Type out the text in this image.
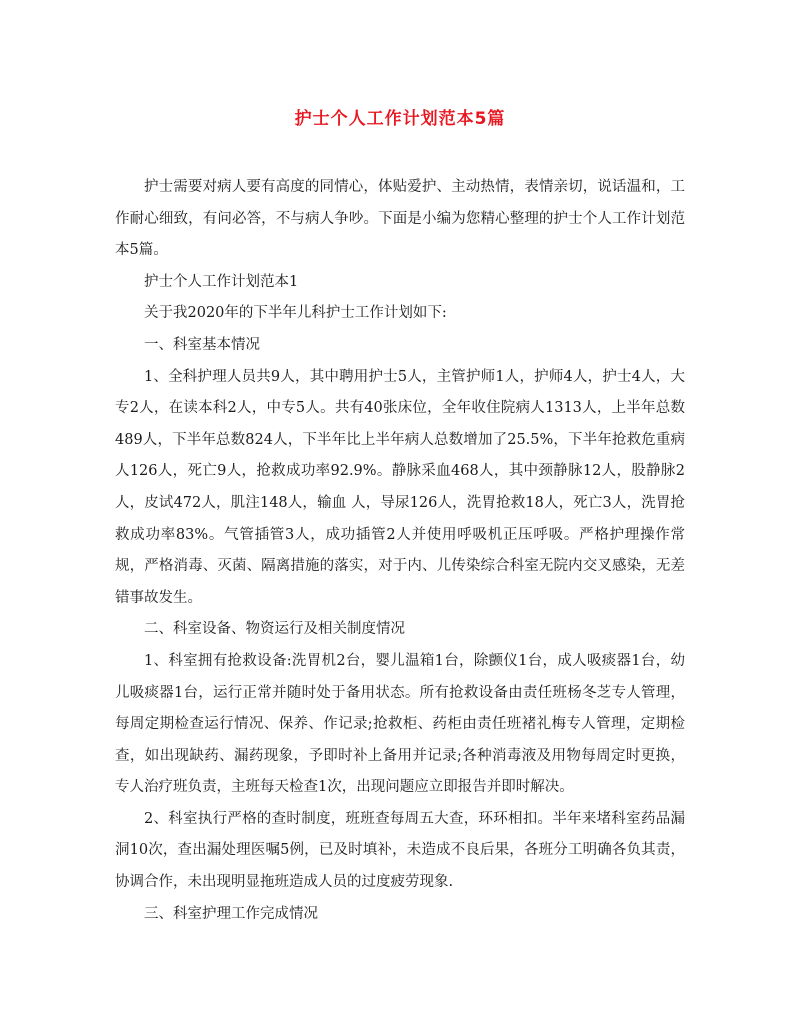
护士个人工作计划范本5篇

护士需要对病人要有高度的同情心，体贴爱护、主动热情，表情亲切，说话温和，工作耐心细致，有问必答，不与病人争吵。下面是小编为您精心整理的护士个人工作计划范本5篇。

护士个人工作计划范本1

关于我2020年的下半年儿科护士工作计划如下:

一、科室基本情况

1、全科护理人员共9人，其中聘用护士5人，主管护师1人，护师4人，护士4人，大专2人，在读本科2人，中专5人。共有40张床位，全年收住院病人1313人，上半年总数489人，下半年总数824人，下半年比上半年病人总数增加了25.5%，下半年抢救危重病人126人，死亡9人，抢救成功率92.9%。静脉采血468人，其中颈静脉12人，股静脉2人，皮试472人，肌注148人，输血 人，导尿126人，洗胃抢救18人，死亡3人，洗胃抢救成功率83%。气管插管3人，成功插管2人并使用呼吸机正压呼吸。严格护理操作常规，严格消毒、灭菌、隔离措施的落实，对于内、儿传染综合科室无院内交叉感染，无差错事故发生。

二、科室设备、物资运行及相关制度情况

1、科室拥有抢救设备:洗胃机2台，婴儿温箱1台，除颤仪1台，成人吸痰器1台，幼儿吸痰器1台，运行正常并随时处于备用状态。所有抢救设备由责任班杨冬芝专人管理，每周定期检查运行情况、保养、作记录;抢救柜、药柜由责任班褚礼梅专人管理，定期检查，如出现缺药、漏药现象，予即时补上备用并记录;各种消毒液及用物每周定时更换，专人治疗班负责，主班每天检查1次，出现问题应立即报告并即时解决。

2、科室执行严格的查时制度，班班查每周五大查，环环相扣。半年来堵科室药品漏洞10次，查出漏处理医嘱5例，已及时填补，未造成不良后果，各班分工明确各负其责，协调合作，未出现明显拖班造成人员的过度疲劳现象.

三、科室护理工作完成情况
